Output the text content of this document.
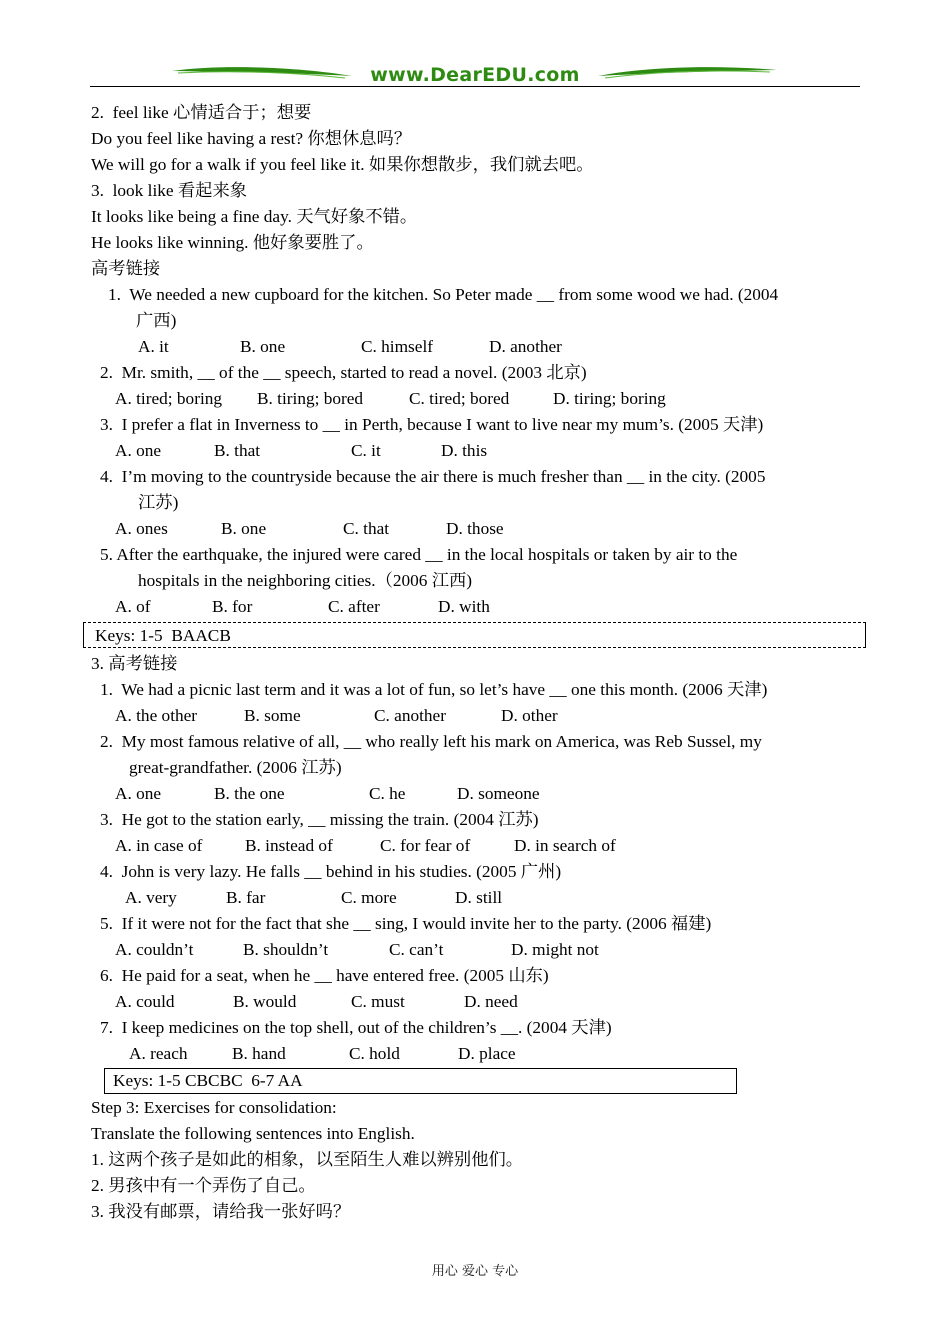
www.DearEDU.com
2.  feel like 心情适合于；想要
Do you feel like having a rest? 你想休息吗？
We will go for a walk if you feel like it. 如果你想散步，我们就去吧。
3.  look like 看起来象
It looks like being a fine day. 天气好象不错。
He looks like winning. 他好象要胜了。
高考链接
1.  We needed a new cupboard for the kitchen. So Peter made __ from some wood we had. (2004
广西)
A. it	B. one	C. himself	D. another
2.  Mr. smith, __ of the __ speech, started to read a novel. (2003 北京)
A. tired; boring B. tiring; bored	C. tired; bored	D. tiring; boring
3.  I prefer a flat in Inverness to __ in Perth, because I want to live near my mum’s. (2005 天津)
A. one	B. that	C. it	D. this
4.  I’m moving to the countryside because the air there is much fresher than __ in the city. (2005
江苏)
A. ones	B. one	C. that	D. those
5. After the earthquake, the injured were cared __ in the local hospitals or taken by air to the
hospitals in the neighboring cities.（2006 江西)
A. of	B. for	C. after	D. with
Keys: 1-5  BAACB
3. 高考链接
1.  We had a picnic last term and it was a lot of fun, so let’s have __ one this month. (2006 天津)
A. the other	B. some	C. another	D. other
2.  My most famous relative of all, __ who really left his mark on America, was Reb Sussel, my
great-grandfather. (2006 江苏)
A. one	B. the one	C. he	D. someone
3.  He got to the station early, __ missing the train. (2004 江苏)
A. in case of B. instead of	C. for fear of	D. in search of
4.  John is very lazy. He falls __ behind in his studies. (2005 广州)
A. very	B. far	C. more	D. still
5.  If it were not for the fact that she __ sing, I would invite her to the party. (2006 福建)
A. couldn’t	B. shouldn’t	C. can’t	D. might not
6.  He paid for a seat, when he __ have entered free. (2005 山东)
A. could	B. would	C. must	D. need
7.  I keep medicines on the top shell, out of the children’s __. (2004 天津)
A. reach	B. hand	C. hold	D. place
Keys: 1-5 CBCBC  6-7 AA
Step 3: Exercises for consolidation:
Translate the following sentences into English.
1. 这两个孩子是如此的相象，以至陌生人难以辨别他们。
2. 男孩中有一个弄伤了自己。
3. 我没有邮票，请给我一张好吗？
用心 爱心 专心
